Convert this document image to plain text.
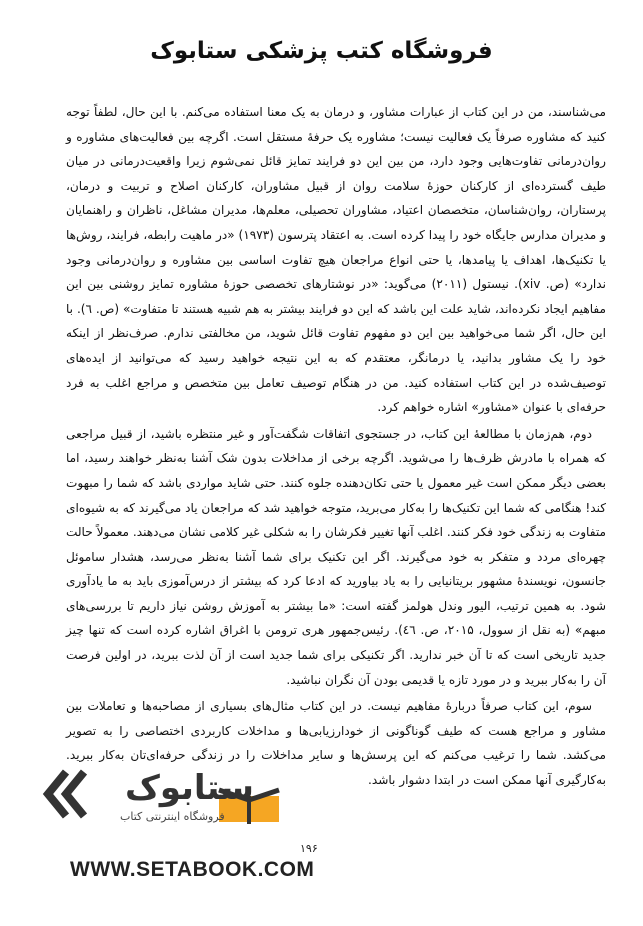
فروشگاه کتب پزشکی ستابوک

می‌شناسند، من در این کتاب از عبارات مشاور، و درمان به یک معنا استفاده می‌کنم. با این حال، لطفاً توجه کنید که مشاوره صرفاً یک فعالیت نیست؛ مشاوره یک حرفهٔ مستقل است. اگرچه بین فعالیت‌های مشاوره و روان‌درمانی تفاوت‌هایی وجود دارد، من بین این دو فرایند تمایز قائل نمی‌شوم زیرا واقعیت‌درمانی در میان طیف گسترده‌ای از کارکنان حوزهٔ سلامت روان از قبیل مشاوران، کارکنان اصلاح و تربیت و درمان، پرستاران، روان‌شناسان، متخصصان اعتیاد، مشاوران تحصیلی، معلم‌ها، مدیران مشاغل، ناظران و راهنمایان و مدیران مدارس جایگاه خود را پیدا کرده است. به اعتقاد پترسون (۱۹۷۳) «در ماهیت رابطه، فرایند، روش‌ها یا تکنیک‌ها، اهداف یا پیامدها، یا حتی انواع مراجعان هیچ تفاوت اساسی بین مشاوره و روان‌درمانی وجود ندارد» (ص. xiv). نیستول (۲۰۱۱) می‌گوید: «در نوشتارهای تخصصی حوزهٔ مشاوره تمایز روشنی بین این مفاهیم ایجاد نکرده‌اند، شاید علت این باشد که این دو فرایند بیشتر به هم شبیه هستند تا متفاوت» (ص. ٦). با این حال، اگر شما می‌خواهید بین این دو مفهوم تفاوت قائل شوید، من مخالفتی ندارم. صرف‌نظر از اینکه خود را یک مشاور بدانید، یا درمانگر، معتقدم که به این نتیجه خواهید رسید که می‌توانید از ایده‌های توصیف‌شده در این کتاب استفاده کنید. من در هنگام توصیف تعامل بین متخصص و مراجع اغلب به فرد حرفه‌ای با عنوان «مشاور» اشاره خواهم کرد.

دوم، هم‌زمان با مطالعهٔ این کتاب، در جستجوی اتفاقات شگفت‌آور و غیر منتظره باشید، از قبیل مراجعی که همراه با مادرش ظرف‌ها را می‌شوید. اگرچه برخی از مداخلات بدون شک آشنا به‌نظر خواهند رسید، اما بعضی دیگر ممکن است غیر معمول یا حتی تکان‌دهنده جلوه کنند. حتی شاید مواردی باشد که شما را مبهوت کند! هنگامی که شما این تکنیک‌ها را به‌کار می‌برید، متوجه خواهید شد که مراجعان یاد می‌گیرند که به شیوه‌ای متفاوت به زندگی خود فکر کنند. اغلب آنها تغییر فکرشان را به شکلی غیر کلامی نشان می‌دهند. معمولاً حالت چهره‌ای مردد و متفکر به خود می‌گیرند. اگر این تکنیک برای شما آشنا به‌نظر می‌رسد، هشدار ساموئل جانسون، نویسندهٔ مشهور بریتانیایی را به یاد بیاورید که ادعا کرد که بیشتر از درس‌آموزی باید به ما یادآوری شود. به همین ترتیب، الیور وندل هولمز گفته است: «ما بیشتر به آموزش روشن نیاز داریم تا بررسی‌های مبهم» (به نقل از سوول، ۲۰۱۵، ص. ٤٦). رئیس‌جمهور هری ترومن با اغراق اشاره کرده است که تنها چیز جدید تاریخی است که تا آن خبر ندارید. اگر تکنیکی برای شما جدید است از آن لذت ببرید، در اولین فرصت آن را به‌کار ببرید و در مورد تازه یا قدیمی بودن آن نگران نباشید.

سوم، این کتاب صرفاً دربارهٔ مفاهیم نیست. در این کتاب مثال‌های بسیاری از مصاحبه‌ها و تعاملات بین مشاور و مراجع هست که طیف گوناگونی از خودارزیابی‌ها و مداخلات کاربردی اختصاصی را به تصویر می‌کشد. شما را ترغیب می‌کنم که این پرسش‌ها و سایر مداخلات را در زندگی حرفه‌ای‌تان به‌کار ببرید. به‌کارگیری آنها ممکن است در ابتدا دشوار باشد.

ستابوک
فروشگاه اینترنتی کتاب
۱۹۶
WWW.SETABOOK.COM
